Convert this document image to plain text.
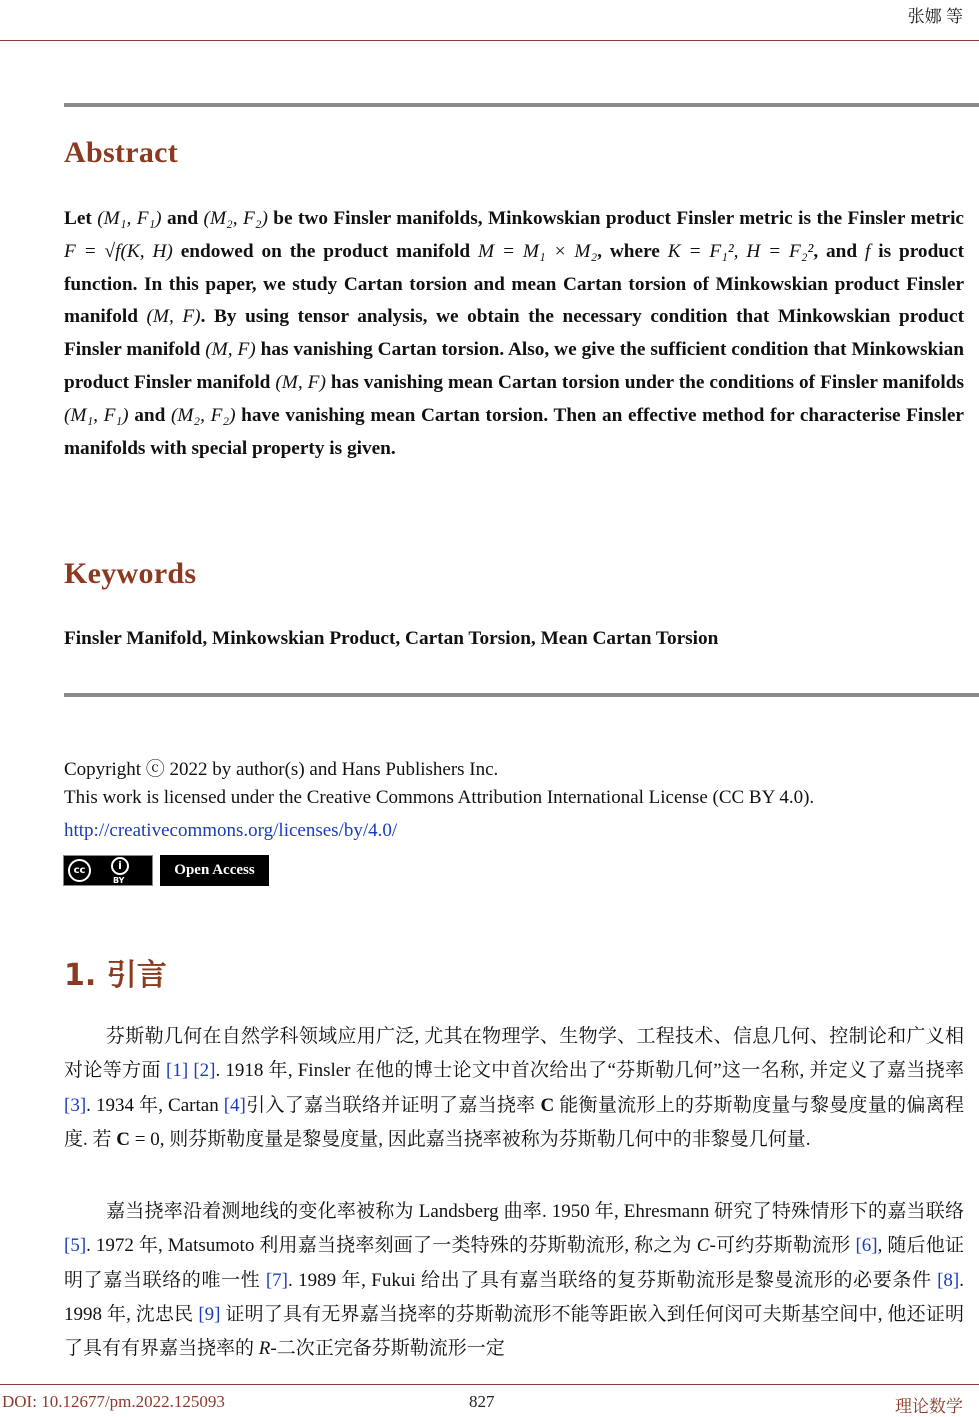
张娜 等
Abstract
Let (M₁, F₁) and (M₂, F₂) be two Finsler manifolds, Minkowskian product Finsler metric is the Finsler metric F = √f(K, H) endowed on the product manifold M = M₁ × M₂, where K = F₁², H = F₂², and f is product function. In this paper, we study Cartan torsion and mean Cartan torsion of Minkowskian product Finsler manifold (M, F). By using tensor analysis, we obtain the necessary condition that Minkowskian product Finsler manifold (M, F) has vanishing Cartan torsion. Also, we give the sufficient condition that Minkowskian product Finsler manifold (M, F) has vanishing mean Cartan torsion under the conditions of Finsler manifolds (M₁, F₁) and (M₂, F₂) have vanishing mean Cartan torsion. Then an effective method for characterise Finsler manifolds with special property is given.
Keywords
Finsler Manifold, Minkowskian Product, Cartan Torsion, Mean Cartan Torsion
Copyright ⓒ 2022 by author(s) and Hans Publishers Inc.
This work is licensed under the Creative Commons Attribution International License (CC BY 4.0).
http://creativecommons.org/licenses/by/4.0/
cc	i
BY
Open Access
1. 引言
芬斯勒几何在自然学科领域应用广泛, 尤其在物理学、生物学、工程技术、信息几何、控制论和广义相对论等方面 [1] [2]. 1918 年, Finsler 在他的博士论文中首次给出了“芬斯勒几何”这一名称, 并定义了嘉当挠率 [3]. 1934 年, Cartan [4]引入了嘉当联络并证明了嘉当挠率 C 能衡量流形上的芬斯勒度量与黎曼度量的偏离程度. 若 C = 0, 则芬斯勒度量是黎曼度量, 因此嘉当挠率被称为芬斯勒几何中的非黎曼几何量.
嘉当挠率沿着测地线的变化率被称为 Landsberg 曲率. 1950 年, Ehresmann 研究了特殊情形下的嘉当联络 [5]. 1972 年, Matsumoto 利用嘉当挠率刻画了一类特殊的芬斯勒流形, 称之为 C-可约芬斯勒流形 [6], 随后他证明了嘉当联络的唯一性 [7]. 1989 年, Fukui 给出了具有嘉当联络的复芬斯勒流形是黎曼流形的必要条件 [8]. 1998 年, 沈忠民 [9] 证明了具有无界嘉当挠率的芬斯勒流形不能等距嵌入到任何闵可夫斯基空间中, 他还证明了具有有界嘉当挠率的 R-二次正完备芬斯勒流形一定
DOI: 10.12677/pm.2022.125093	827	理论数学
